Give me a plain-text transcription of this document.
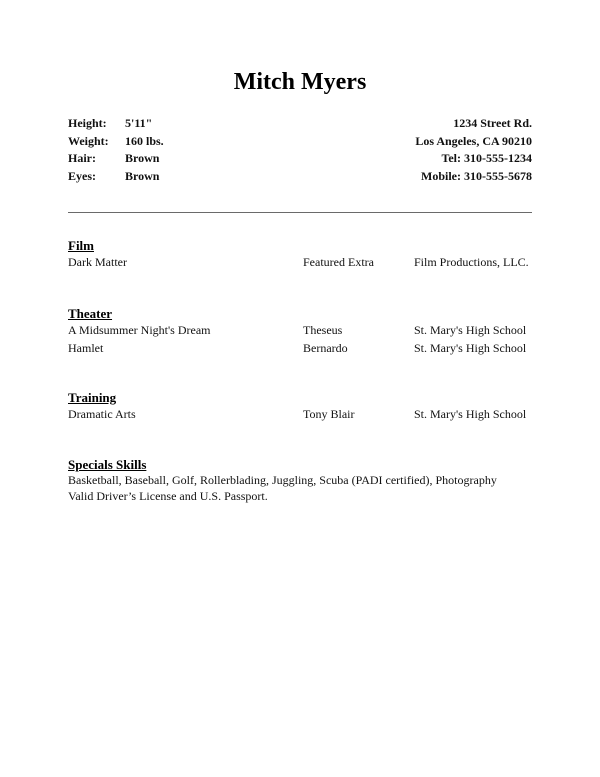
Mitch Myers
Height:	5'11"
Weight:	160 lbs.
Hair:	Brown
Eyes:	Brown
1234 Street Rd.
Los Angeles, CA 90210
Tel: 310-555-1234
Mobile: 310-555-5678
Film
Dark Matter	Featured Extra	Film Productions, LLC.
Theater
A Midsummer Night's Dream	Theseus	St. Mary's High School
Hamlet	Bernardo	St. Mary's High School
Training
Dramatic Arts	Tony Blair	St. Mary's High School
Specials Skills
Basketball, Baseball, Golf, Rollerblading, Juggling, Scuba (PADI certified), Photography
Valid Driver’s License and U.S. Passport.
